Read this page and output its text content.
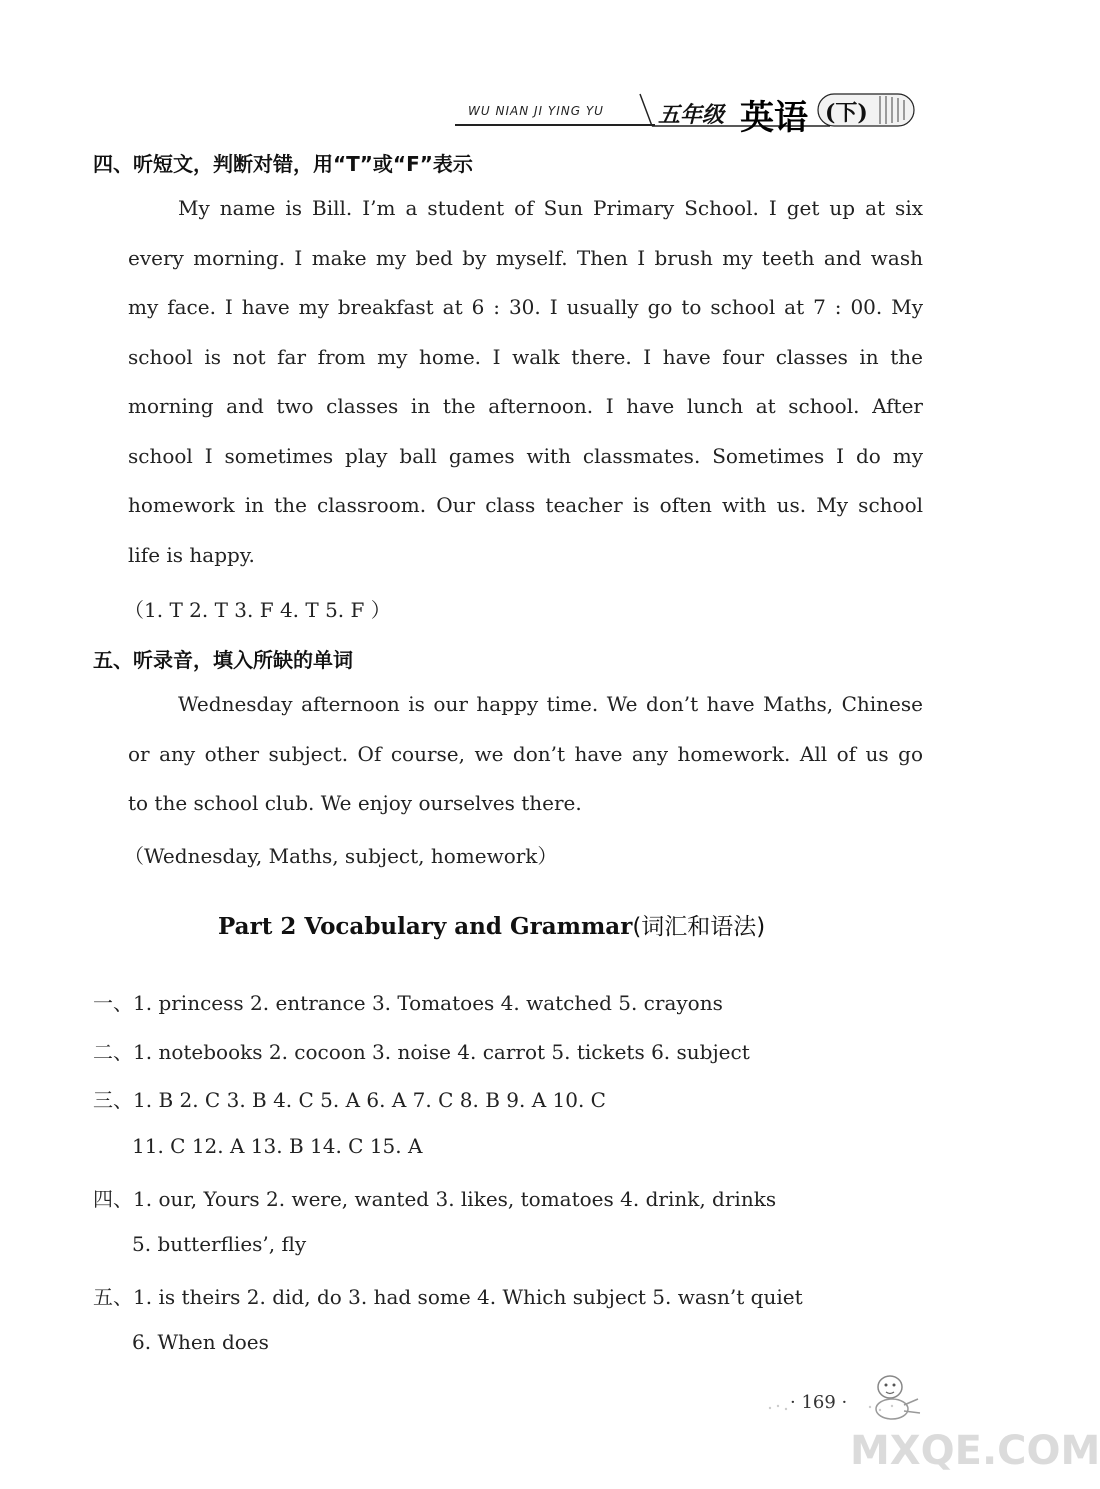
WU NIAN JI YING YU 五年级 英语 (下)
四、听短文，判断对错，用“T”或“F”表示
My name is Bill. I’m a student of Sun Primary School. I get up at six
every morning. I make my bed by myself. Then I brush my teeth and wash
my face. I have my breakfast at 6 : 30. I usually go to school at 7 : 00. My
school is not far from my home. I walk there. I have four classes in the
morning and two classes in the afternoon. I have lunch at school. After
school I sometimes play ball games with classmates. Sometimes I do my
homework in the classroom. Our class teacher is often with us. My school
life is happy.
（1. T 2. T 3. F 4. T 5. F ）
五、听录音，填入所缺的单词
Wednesday afternoon is our happy time. We don’t have Maths, Chinese
or any other subject. Of course, we don’t have any homework. All of us go
to the school club. We enjoy ourselves there.
（Wednesday, Maths, subject, homework）
Part 2 Vocabulary and Grammar(词汇和语法)
一、1. princess 2. entrance 3. Tomatoes 4. watched 5. crayons
二、1. notebooks 2. cocoon 3. noise 4. carrot 5. tickets 6. subject
三、1. B 2. C 3. B 4. C 5. A 6. A 7. C 8. B 9. A 10. C
11. C 12. A 13. B 14. C 15. A
四、1. our, Yours 2. were, wanted 3. likes, tomatoes 4. drink, drinks
5. butterflies’, fly
五、1. is theirs 2. did, do 3. had some 4. Which subject 5. wasn’t quiet
6. When does
· 169 ·
MXQE.COM
